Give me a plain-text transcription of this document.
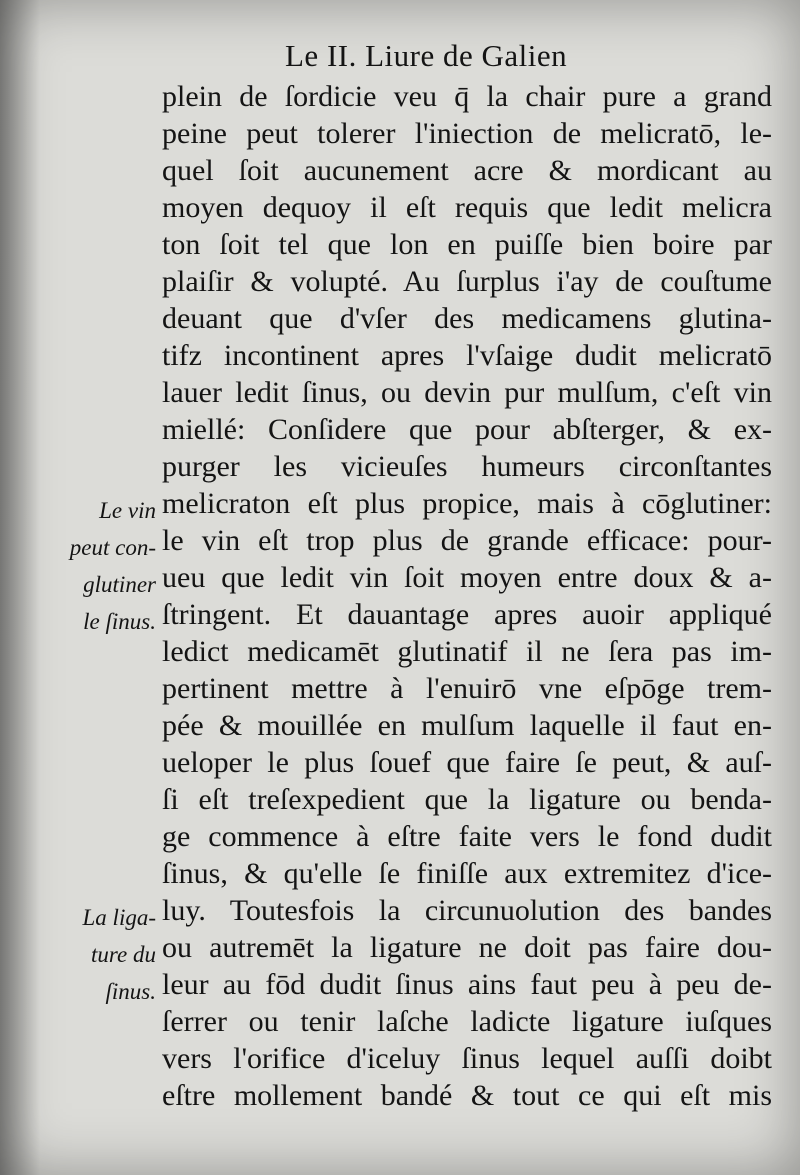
Le II. Liure de Galien
plein de ſordicie veu q̄ la chair pure a grand
peine peut tolerer l'iniection de melicratō, le-
quel ſoit aucunement acre & mordicant au
moyen dequoy il eſt requis que ledit melicra
ton ſoit tel que lon en puiſſe bien boire par
plaiſir & volupté. Au ſurplus i'ay de couſtume
deuant que d'vſer des medicamens glutina-
tifz incontinent apres l'vſaige dudit melicratō
lauer ledit ſinus, ou devin pur mulſum, c'eſt vin
miellé: Conſidere que pour abſterger, & ex-
purger les vicieuſes humeurs circonſtantes
melicraton eſt plus propice, mais à cōglutiner:
le vin eſt trop plus de grande efficace: pour-
ueu que ledit vin ſoit moyen entre doux & a-
ſtringent. Et dauantage apres auoir appliqué
ledict medicamēt glutinatif il ne ſera pas im-
pertinent mettre à l'enuirō vne eſpōge trem-
pée & mouillée en mulſum laquelle il faut en-
ueloper le plus ſouef que faire ſe peut, & auſ-
ſi eſt treſexpedient que la ligature ou benda-
ge commence à eſtre faite vers le fond dudit
ſinus, & qu'elle ſe finiſſe aux extremitez d'ice-
luy. Toutesfois la circunuolution des bandes
ou autremēt la ligature ne doit pas faire dou-
leur au fōd dudit ſinus ains faut peu à peu de-
ſerrer ou tenir laſche ladicte ligature iuſques
vers l'orifice d'iceluy ſinus lequel auſſi doibt
eſtre mollement bandé & tout ce qui eſt mis
Le vin
peut con-
glutiner
le ſinus.
La liga-
ture du
ſinus.
